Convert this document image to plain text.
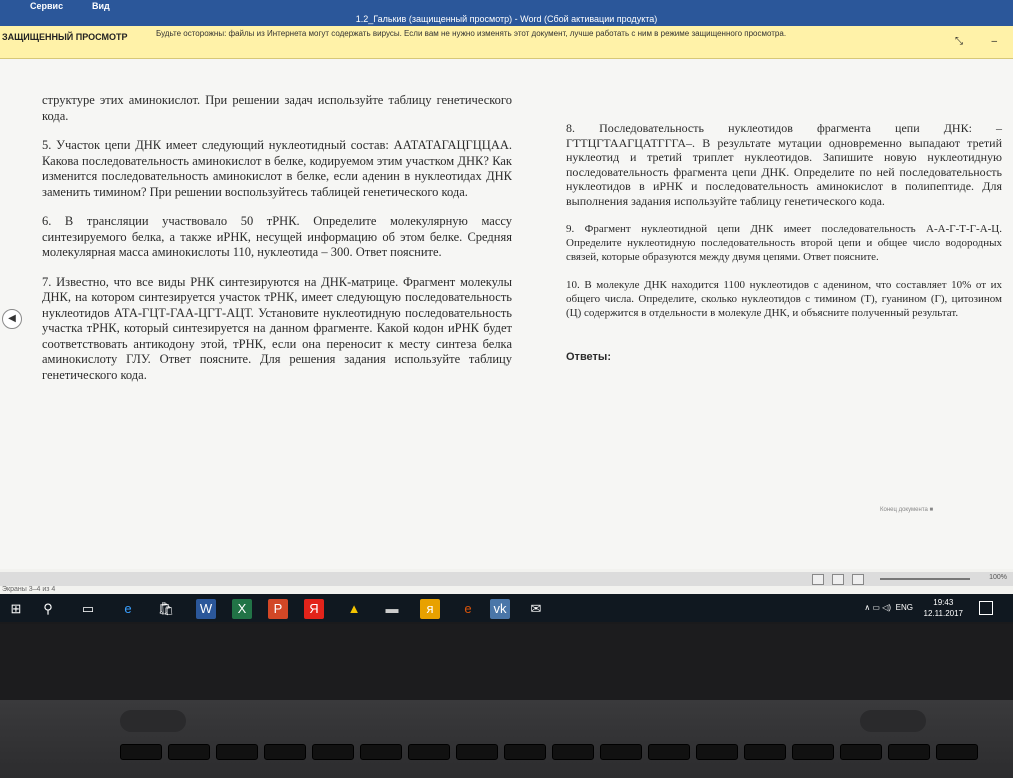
Сервис	Вид
1.2_Галькив (защищенный просмотр) - Word (Сбой активации продукта)
ЗАЩИЩЕННЫЙ ПРОСМОТР	Будьте осторожны: файлы из Интернета могут содержать вирусы. Если вам не нужно изменять этот документ, лучше работать с ним в режиме защищенного просмотра.
⤡	–
◀

структуре этих аминокислот. При решении задач используйте таблицу генетического кода.

5. Участок цепи ДНК имеет следующий нуклеотидный состав: ААТАТАГАЦГЦЦАА. Какова последовательность аминокислот в белке, кодируемом этим участком ДНК? Как изменится последовательность аминокислот в белке, если аденин в нуклеотидах ДНК заменить тимином? При решении воспользуйтесь таблицей генетического кода.

6. В трансляции участвовало 50 тРНК. Определите молекулярную массу синтезируемого белка, а также иРНК, несущей информацию об этом белке. Средняя молекулярная масса аминокислоты 110, нуклеотида – 300. Ответ поясните.

7. Известно, что все виды РНК синтезируются на ДНК-матрице. Фрагмент молекулы ДНК, на котором синтезируется участок тРНК, имеет следующую последовательность нуклеотидов АТА-ГЦТ-ГАА-ЦГТ-АЦТ. Установите нуклеотидную последовательность участка тРНК, который синтезируется на данном фрагменте. Какой кодон иРНК будет соответствовать антикодону этой, тРНК, если она переносит к месту синтеза белка аминокислоту ГЛУ. Ответ поясните. Для решения задания используйте таблицу генетического кода.

8. Последовательность нуклеотидов фрагмента цепи ДНК: – ГТТЦГТААГЦАТГГГА–. В результате мутации одновременно выпадают третий нуклеотид и третий триплет нуклеотидов. Запишите новую нуклеотидную последовательность фрагмента цепи ДНК. Определите по ней последовательность нуклеотидов в иРНК и последовательность аминокислот в полипептиде. Для выполнения задания используйте таблицу генетического кода.

9. Фрагмент нуклеотидной цепи ДНК имеет последовательность А-А-Г-Т-Г-А-Ц. Определите нуклеотидную последовательность второй цепи и общее число водородных связей, которые образуются между двумя цепями. Ответ поясните.

10. В молекуле ДНК находится 1100 нуклеотидов с аденином, что составляет 10% от их общего числа. Определите, сколько нуклеотидов с тимином (Т), гуанином (Г), цитозином (Ц) содержится в отдельности в молекуле ДНК, и объясните полученный результат.

Ответы:
Конец документа ■
100%
Экраны 3–4 из 4
⊞	⚲	▭	e	🛍 W	X	P	Я	▲ ▬	я	e	vk	✉	∧ ▭ ◁) ENG
19:43
12.11.2017
